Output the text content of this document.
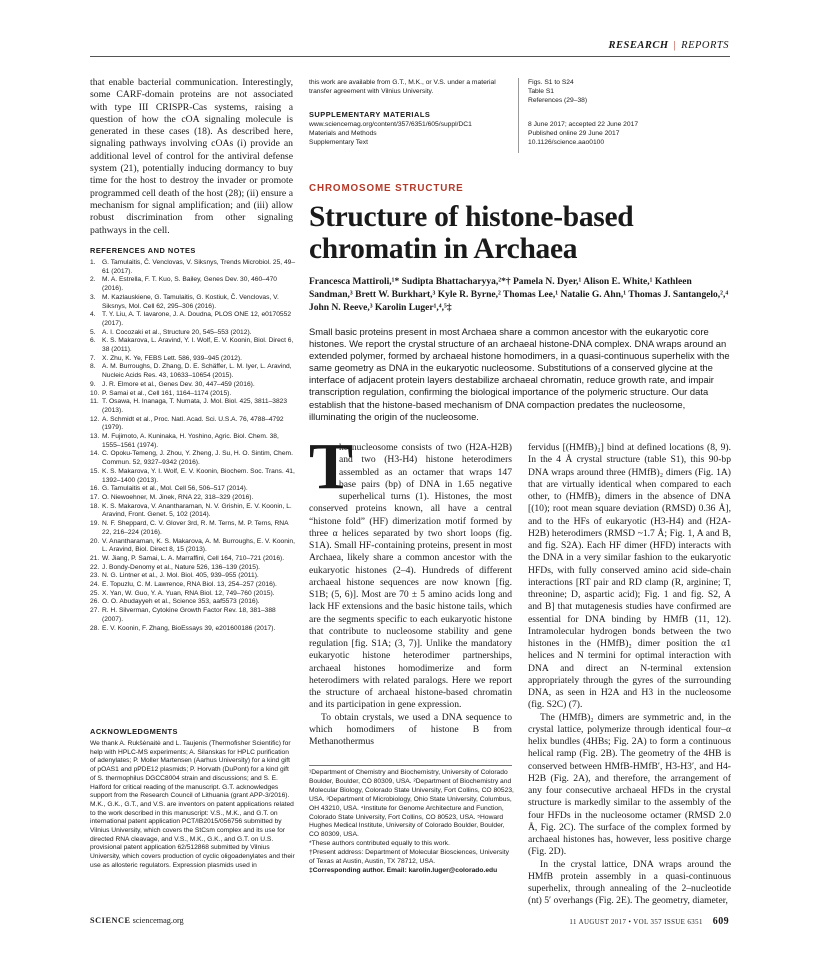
RESEARCH | REPORTS

that enable bacterial communication. Interestingly, some CARF-domain proteins are not associated with type III CRISPR-Cas systems, raising a question of how the cOA signaling molecule is generated in these cases (18). As described here, signaling pathways involving cOAs (i) provide an additional level of control for the antiviral defense system (21), potentially inducing dormancy to buy time for the host to destroy the invader or promote programmed cell death of the host (28); (ii) ensure a mechanism for signal amplification; and (iii) allow robust discrimination from other signaling pathways in the cell.

REFERENCES AND NOTES
1. G. Tamulaitis, Č. Venclovas, V. Siksnys, Trends Microbiol. 25, 49–61 (2017).
2. M. A. Estrella, F. T. Kuo, S. Bailey, Genes Dev. 30, 460–470 (2016).
3. M. Kazlauskiene, G. Tamulaitis, G. Kostiuk, Č. Venclovas, V. Siksnys, Mol. Cell 62, 295–306 (2016).
4. T. Y. Liu, A. T. Iavarone, J. A. Doudna, PLOS ONE 12, e0170552 (2017).
5. A. I. Cocozaki et al., Structure 20, 545–553 (2012).
6. K. S. Makarova, L. Aravind, Y. I. Wolf, E. V. Koonin, Biol. Direct 6, 38 (2011).
7. X. Zhu, K. Ye, FEBS Lett. 586, 939–945 (2012).
8. A. M. Burroughs, D. Zhang, D. E. Schäffer, L. M. Iyer, L. Aravind, Nucleic Acids Res. 43, 10633–10654 (2015).
9. J. R. Elmore et al., Genes Dev. 30, 447–459 (2016).
10. P. Samai et al., Cell 161, 1164–1174 (2015).
11. T. Osawa, H. Inanaga, T. Numata, J. Mol. Biol. 425, 3811–3823 (2013).
12. A. Schmidt et al., Proc. Natl. Acad. Sci. U.S.A. 76, 4788–4792 (1979).
13. M. Fujimoto, A. Kuninaka, H. Yoshino, Agric. Biol. Chem. 38, 1555–1561 (1974).
14. C. Opoku-Temeng, J. Zhou, Y. Zheng, J. Su, H. O. Sintim, Chem. Commun. 52, 9327–9342 (2016).
15. K. S. Makarova, Y. I. Wolf, E. V. Koonin, Biochem. Soc. Trans. 41, 1392–1400 (2013).
16. G. Tamulaitis et al., Mol. Cell 56, 506–517 (2014).
17. O. Niewoehner, M. Jinek, RNA 22, 318–329 (2016).
18. K. S. Makarova, V. Anantharaman, N. V. Grishin, E. V. Koonin, L. Aravind, Front. Genet. 5, 102 (2014).
19. N. F. Sheppard, C. V. Glover 3rd, R. M. Terns, M. P. Terns, RNA 22, 216–224 (2016).
20. V. Anantharaman, K. S. Makarova, A. M. Burroughs, E. V. Koonin, L. Aravind, Biol. Direct 8, 15 (2013).
21. W. Jiang, P. Samai, L. A. Marraffini, Cell 164, 710–721 (2016).
22. J. Bondy-Denomy et al., Nature 526, 136–139 (2015).
23. N. G. Lintner et al., J. Mol. Biol. 405, 939–955 (2011).
24. E. Topuzlu, C. M. Lawrence, RNA Biol. 13, 254–257 (2016).
25. X. Yan, W. Guo, Y. A. Yuan, RNA Biol. 12, 749–760 (2015).
26. O. O. Abudayyeh et al., Science 353, aaf5573 (2016).
27. R. H. Silverman, Cytokine Growth Factor Rev. 18, 381–388 (2007).
28. E. V. Koonin, F. Zhang, BioEssays 39, e201600186 (2017).
ACKNOWLEDGMENTS
We thank A. Rukšėnaitė and L. Taujenis (Thermofisher Scientific) for help with HPLC-MS experiments; A. Silanskas for HPLC purification of adenylates; P. Moller Martensen (Aarhus University) for a kind gift of pOAS1 and pPDE12 plasmids; P. Horvath (DuPont) for a kind gift of S. thermophilus DGCC8004 strain and discussions; and S. E. Halford for critical reading of the manuscript. G.T. acknowledges support from the Research Council of Lithuania (grant APP-3/2016). M.K., G.K., G.T., and V.S. are inventors on patent applications related to the work described in this manuscript: V.S., M.K., and G.T. on international patent application PCT/IB2015/056756 submitted by Vilnius University, which covers the StCsm complex and its use for directed RNA cleavage, and V.S., M.K., G.K., and G.T. on U.S. provisional patent application 62/512868 submitted by Vilnius University, which covers production of cyclic oligoadenylates and their use as allosteric regulators. Expression plasmids used in
this work are available from G.T., M.K., or V.S. under a material transfer agreement with Vilnius University.
SUPPLEMENTARY MATERIALS
www.sciencemag.org/content/357/6351/605/suppl/DC1
Materials and Methods
Supplementary Text
Figs. S1 to S24
Table S1
References (29–38)
8 June 2017; accepted 22 June 2017
Published online 29 June 2017
10.1126/science.aao0100
CHROMOSOME STRUCTURE
Structure of histone-based chromatin in Archaea
Francesca Mattiroli,¹* Sudipta Bhattacharyya,²*† Pamela N. Dyer,¹ Alison E. White,¹ Kathleen Sandman,³ Brett W. Burkhart,³ Kyle R. Byrne,² Thomas Lee,¹ Natalie G. Ahn,¹ Thomas J. Santangelo,²,⁴ John N. Reeve,³ Karolin Luger¹,⁴,⁵‡
Small basic proteins present in most Archaea share a common ancestor with the eukaryotic core histones. We report the crystal structure of an archaeal histone-DNA complex. DNA wraps around an extended polymer, formed by archaeal histone homodimers, in a quasi-continuous superhelix with the same geometry as DNA in the eukaryotic nucleosome. Substitutions of a conserved glycine at the interface of adjacent protein layers destabilize archaeal chromatin, reduce growth rate, and impair transcription regulation, confirming the biological importance of the polymeric structure. Our data establish that the histone-based mechanism of DNA compaction predates the nucleosome, illuminating the origin of the nucleosome.
T

he nucleosome consists of two (H2A-H2B) and two (H3-H4) histone heterodimers assembled as an octamer that wraps 147 base pairs (bp) of DNA in 1.65 negative superhelical turns (1). Histones, the most conserved proteins known, all have a central “histone fold” (HF) dimerization motif formed by three α helices separated by two short loops (fig. S1A). Small HF-containing proteins, present in most Archaea, likely share a common ancestor with the eukaryotic histones (2–4). Hundreds of different archaeal histone sequences are now known [fig. S1B; (5, 6)]. Most are 70 ± 5 amino acids long and lack HF extensions and the basic histone tails, which are the segments specific to each eukaryotic histone that contribute to nucleosome stability and gene regulation [fig. S1A; (3, 7)]. Unlike the mandatory eukaryotic histone heterodimer partnerships, archaeal histones homodimerize and form heterodimers with related paralogs. Here we report the structure of archaeal histone-based chromatin and its participation in gene expression.

To obtain crystals, we used a DNA sequence to which homodimers of histone B from Methanothermus

¹Department of Chemistry and Biochemistry, University of Colorado Boulder, Boulder, CO 80309, USA. ²Department of Biochemistry and Molecular Biology, Colorado State University, Fort Collins, CO 80523, USA. ³Department of Microbiology, Ohio State University, Columbus, OH 43210, USA. ⁴Institute for Genome Architecture and Function, Colorado State University, Fort Collins, CO 80523, USA. ⁵Howard Hughes Medical Institute, University of Colorado Boulder, Boulder, CO 80309, USA.
*These authors contributed equally to this work.
†Present address: Department of Molecular Biosciences, University of Texas at Austin, Austin, TX 78712, USA.
‡Corresponding author. Email: karolin.luger@colorado.edu

fervidus [(HMfB)₂] bind at defined locations (8, 9). In the 4 Å crystal structure (table S1), this 90-bp DNA wraps around three (HMfB)₂ dimers (Fig. 1A) that are virtually identical when compared to each other, to (HMfB)₂ dimers in the absence of DNA [(10); root mean square deviation (RMSD) 0.36 Å], and to the HFs of eukaryotic (H3-H4) and (H2A-H2B) heterodimers (RMSD ~1.7 Å; Fig. 1, A and B, and fig. S2A). Each HF dimer (HFD) interacts with the DNA in a very similar fashion to the eukaryotic HFDs, with fully conserved amino acid side-chain interactions [RT pair and RD clamp (R, arginine; T, threonine; D, aspartic acid); Fig. 1 and fig. S2, A and B] that mutagenesis studies have confirmed are essential for DNA binding by HMfB (11, 12). Intramolecular hydrogen bonds between the two histones in the (HMfB)₂ dimer position the α1 helices and N termini for optimal interaction with DNA and direct an N-terminal extension appropriately through the gyres of the surrounding DNA, as seen in H2A and H3 in the nucleosome (fig. S2C) (7).

The (HMfB)₂ dimers are symmetric and, in the crystal lattice, polymerize through identical four–α helix bundles (4HBs; Fig. 2A) to form a continuous helical ramp (Fig. 2B). The geometry of the 4HB is conserved between HMfB-HMfB′, H3-H3′, and H4-H2B (Fig. 2A), and therefore, the arrangement of any four consecutive archaeal HFDs in the crystal structure is markedly similar to the assembly of the four HFDs in the nucleosome octamer (RMSD 2.0 Å, Fig. 2C). The surface of the complex formed by archaeal histones has, however, less positive charge (Fig. 2D).

In the crystal lattice, DNA wraps around the HMfB protein assembly in a quasi-continuous superhelix, through annealing of the 2–nucleotide (nt) 5′ overhangs (Fig. 2E). The geometry, diameter,

SCIENCE sciencemag.org	11 AUGUST 2017 • VOL 357 ISSUE 6351 609
